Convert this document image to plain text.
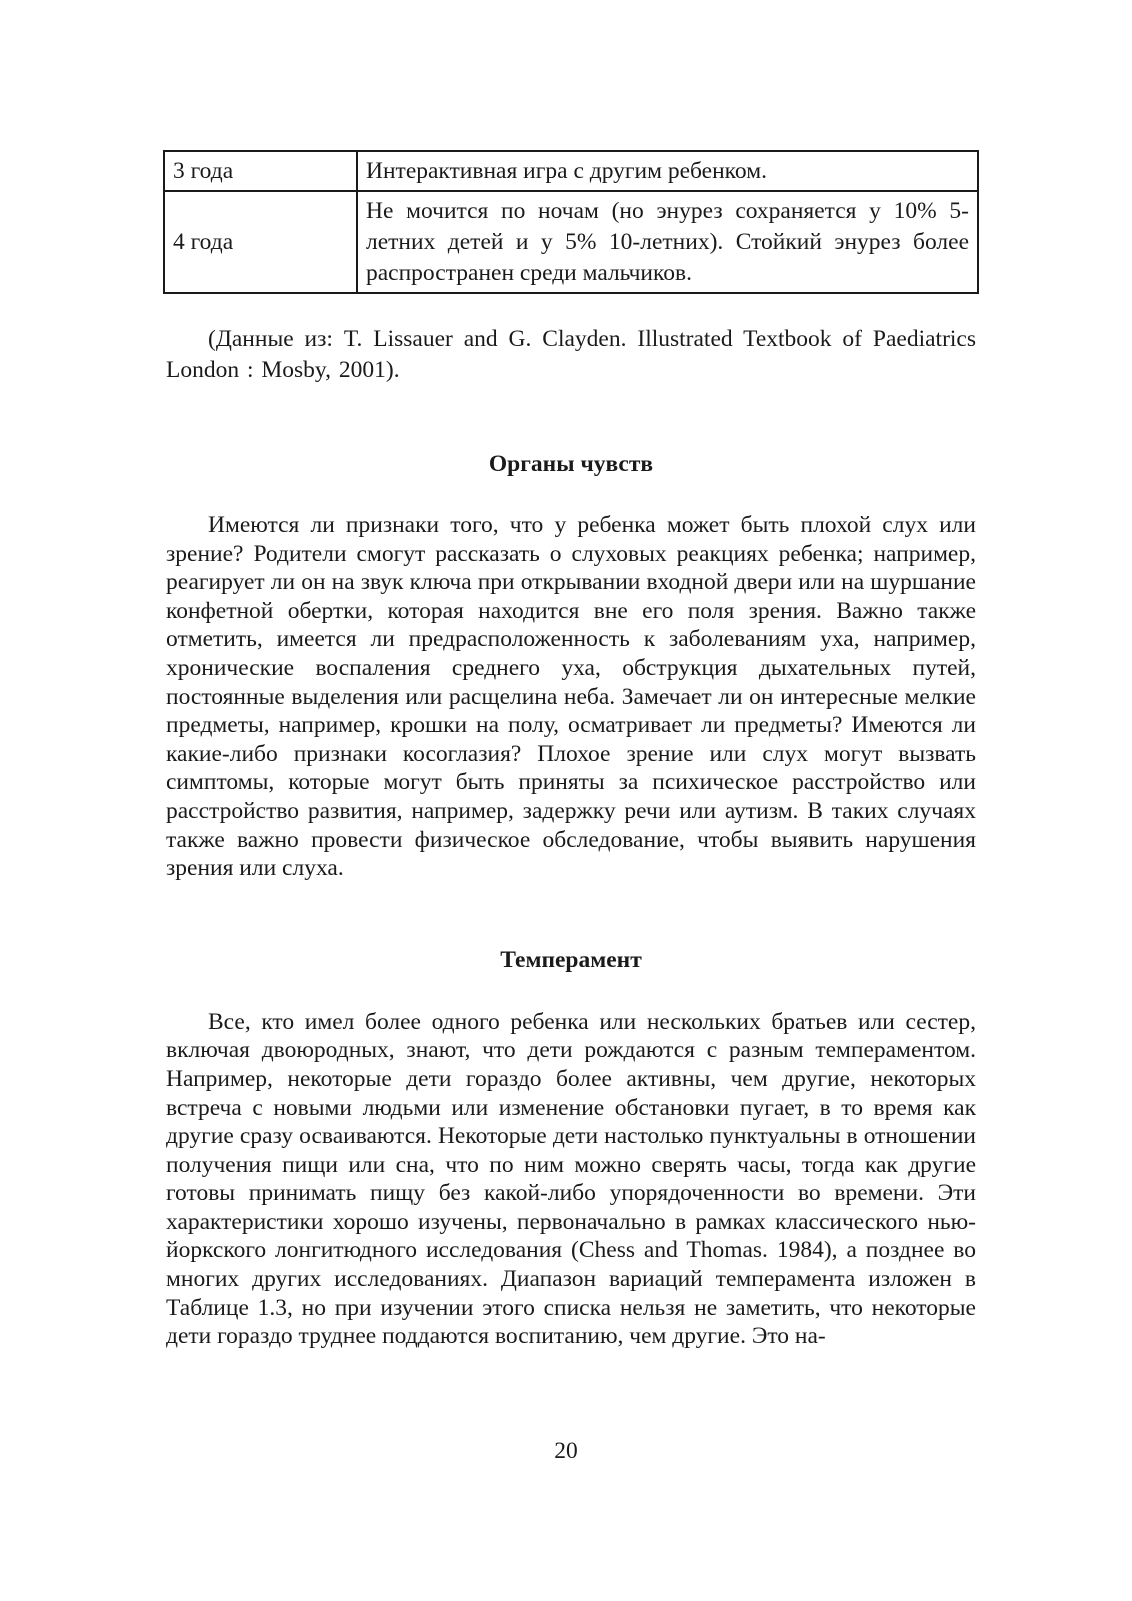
3 года	Интерактивная игра с другим ребенком.
4 года	Не мочится по ночам (но энурез сохраняется у 10% 5-летних детей и у 5% 10-летних). Стойкий энурез более распространен среди мальчиков.
(Данные из: T. Lissauer and G. Clayden. Illustrated Textbook of Paediatrics London : Mosby, 2001).
Органы чувств

Имеются ли признаки того, что у ребенка может быть плохой слух или зрение? Родители смогут рассказать о слуховых реакциях ребенка; например, реагирует ли он на звук ключа при открывании входной двери или на шуршание конфетной обертки, которая находится вне его поля зрения. Важно также отметить, имеется ли предрасположенность к заболеваниям уха, например, хронические воспаления среднего уха, обструкция дыхательных путей, постоянные выделения или расщелина неба. Замечает ли он интересные мелкие предметы, например, крошки на полу, осматривает ли предметы? Имеются ли какие-либо признаки косоглазия? Плохое зрение или слух могут вызвать симптомы, которые могут быть приняты за психическое расстройство или расстройство развития, например, задержку речи или аутизм. В таких случаях также важно провести физическое обследование, чтобы выявить нарушения зрения или слуха.

Темперамент

Все, кто имел более одного ребенка или нескольких братьев или сестер, включая двоюродных, знают, что дети рождаются с разным темпераментом. Например, некоторые дети гораздо более активны, чем другие, некоторых встреча с новыми людьми или изменение обстановки пугает, в то время как другие сразу осваиваются. Некоторые дети настолько пунктуальны в отношении получения пищи или сна, что по ним можно сверять часы, тогда как другие готовы принимать пищу без какой-либо упорядоченности во времени. Эти характеристики хорошо изучены, первоначально в рамках классического нью-йоркского лонгитюдного исследования (Chess and Thomas. 1984), а позднее во многих других исследованиях. Диапазон вариаций темперамента изложен в Таблице 1.3, но при изучении этого списка нельзя не заметить, что некоторые дети гораздо труднее поддаются воспитанию, чем другие. Это на-

20
